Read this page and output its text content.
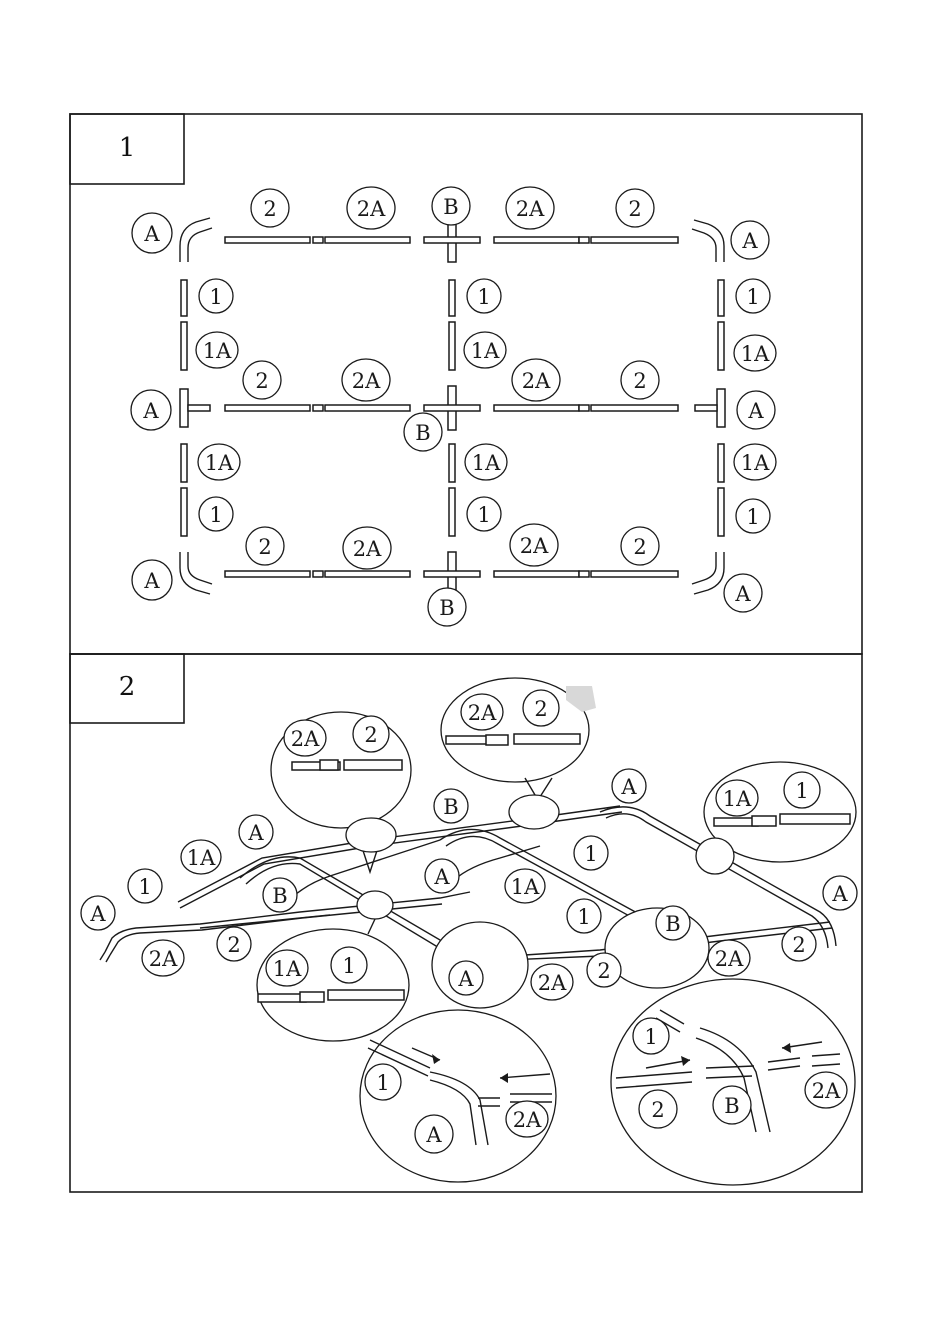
1
2
A
2	2A	B	2A	2
A
1
1A
1
1A
1
1A
A
2	2A	2A	2
A
B
1A
1
1A
1
1A
1
2	2A	2A	2
A
B
A
2A 2
2A 2
1A 1
1A 1
1
A
2A
1
2	B
2A
A
B
A
1A
1
A
B
A
1
1A
1	B
A
2A
2
A	2A 2	2A
2
